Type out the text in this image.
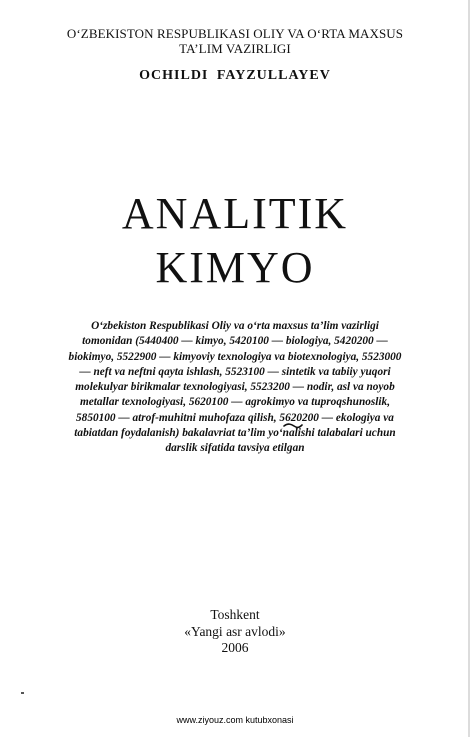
O‘ZBEKISTON RESPUBLIKASI OLIY VA O‘RTA MAXSUS
TA’LIM VAZIRLIGI
OCHILDI FAYZULLAYEV
ANALITIK
KIMYO
O‘zbekiston Respublikasi Oliy va o‘rta maxsus ta’lim vazirligi
tomonidan (5440400 — kimyo, 5420100 — biologiya, 5420200 —
biokimyo, 5522900 — kimyoviy texnologiya va biotexnologiya, 5523000
— neft va neftni qayta ishlash, 5523100 — sintetik va tabiiy yuqori
molekulyar birikmalar texnologiyasi, 5523200 — nodir, asl va noyob
metallar texnologiyasi, 5620100 — agrokimyo va tuproqshunoslik,
5850100 — atrof-muhitni muhofaza qilish, 5620200 — ekologiya va
tabiatdan foydalanish) bakalavriat ta’lim yo‘nalishi talabalari uchun
darslik sifatida tavsiya etilgan
Toshkent
«Yangi asr avlodi»
2006
www.ziyouz.com kutubxonasi
